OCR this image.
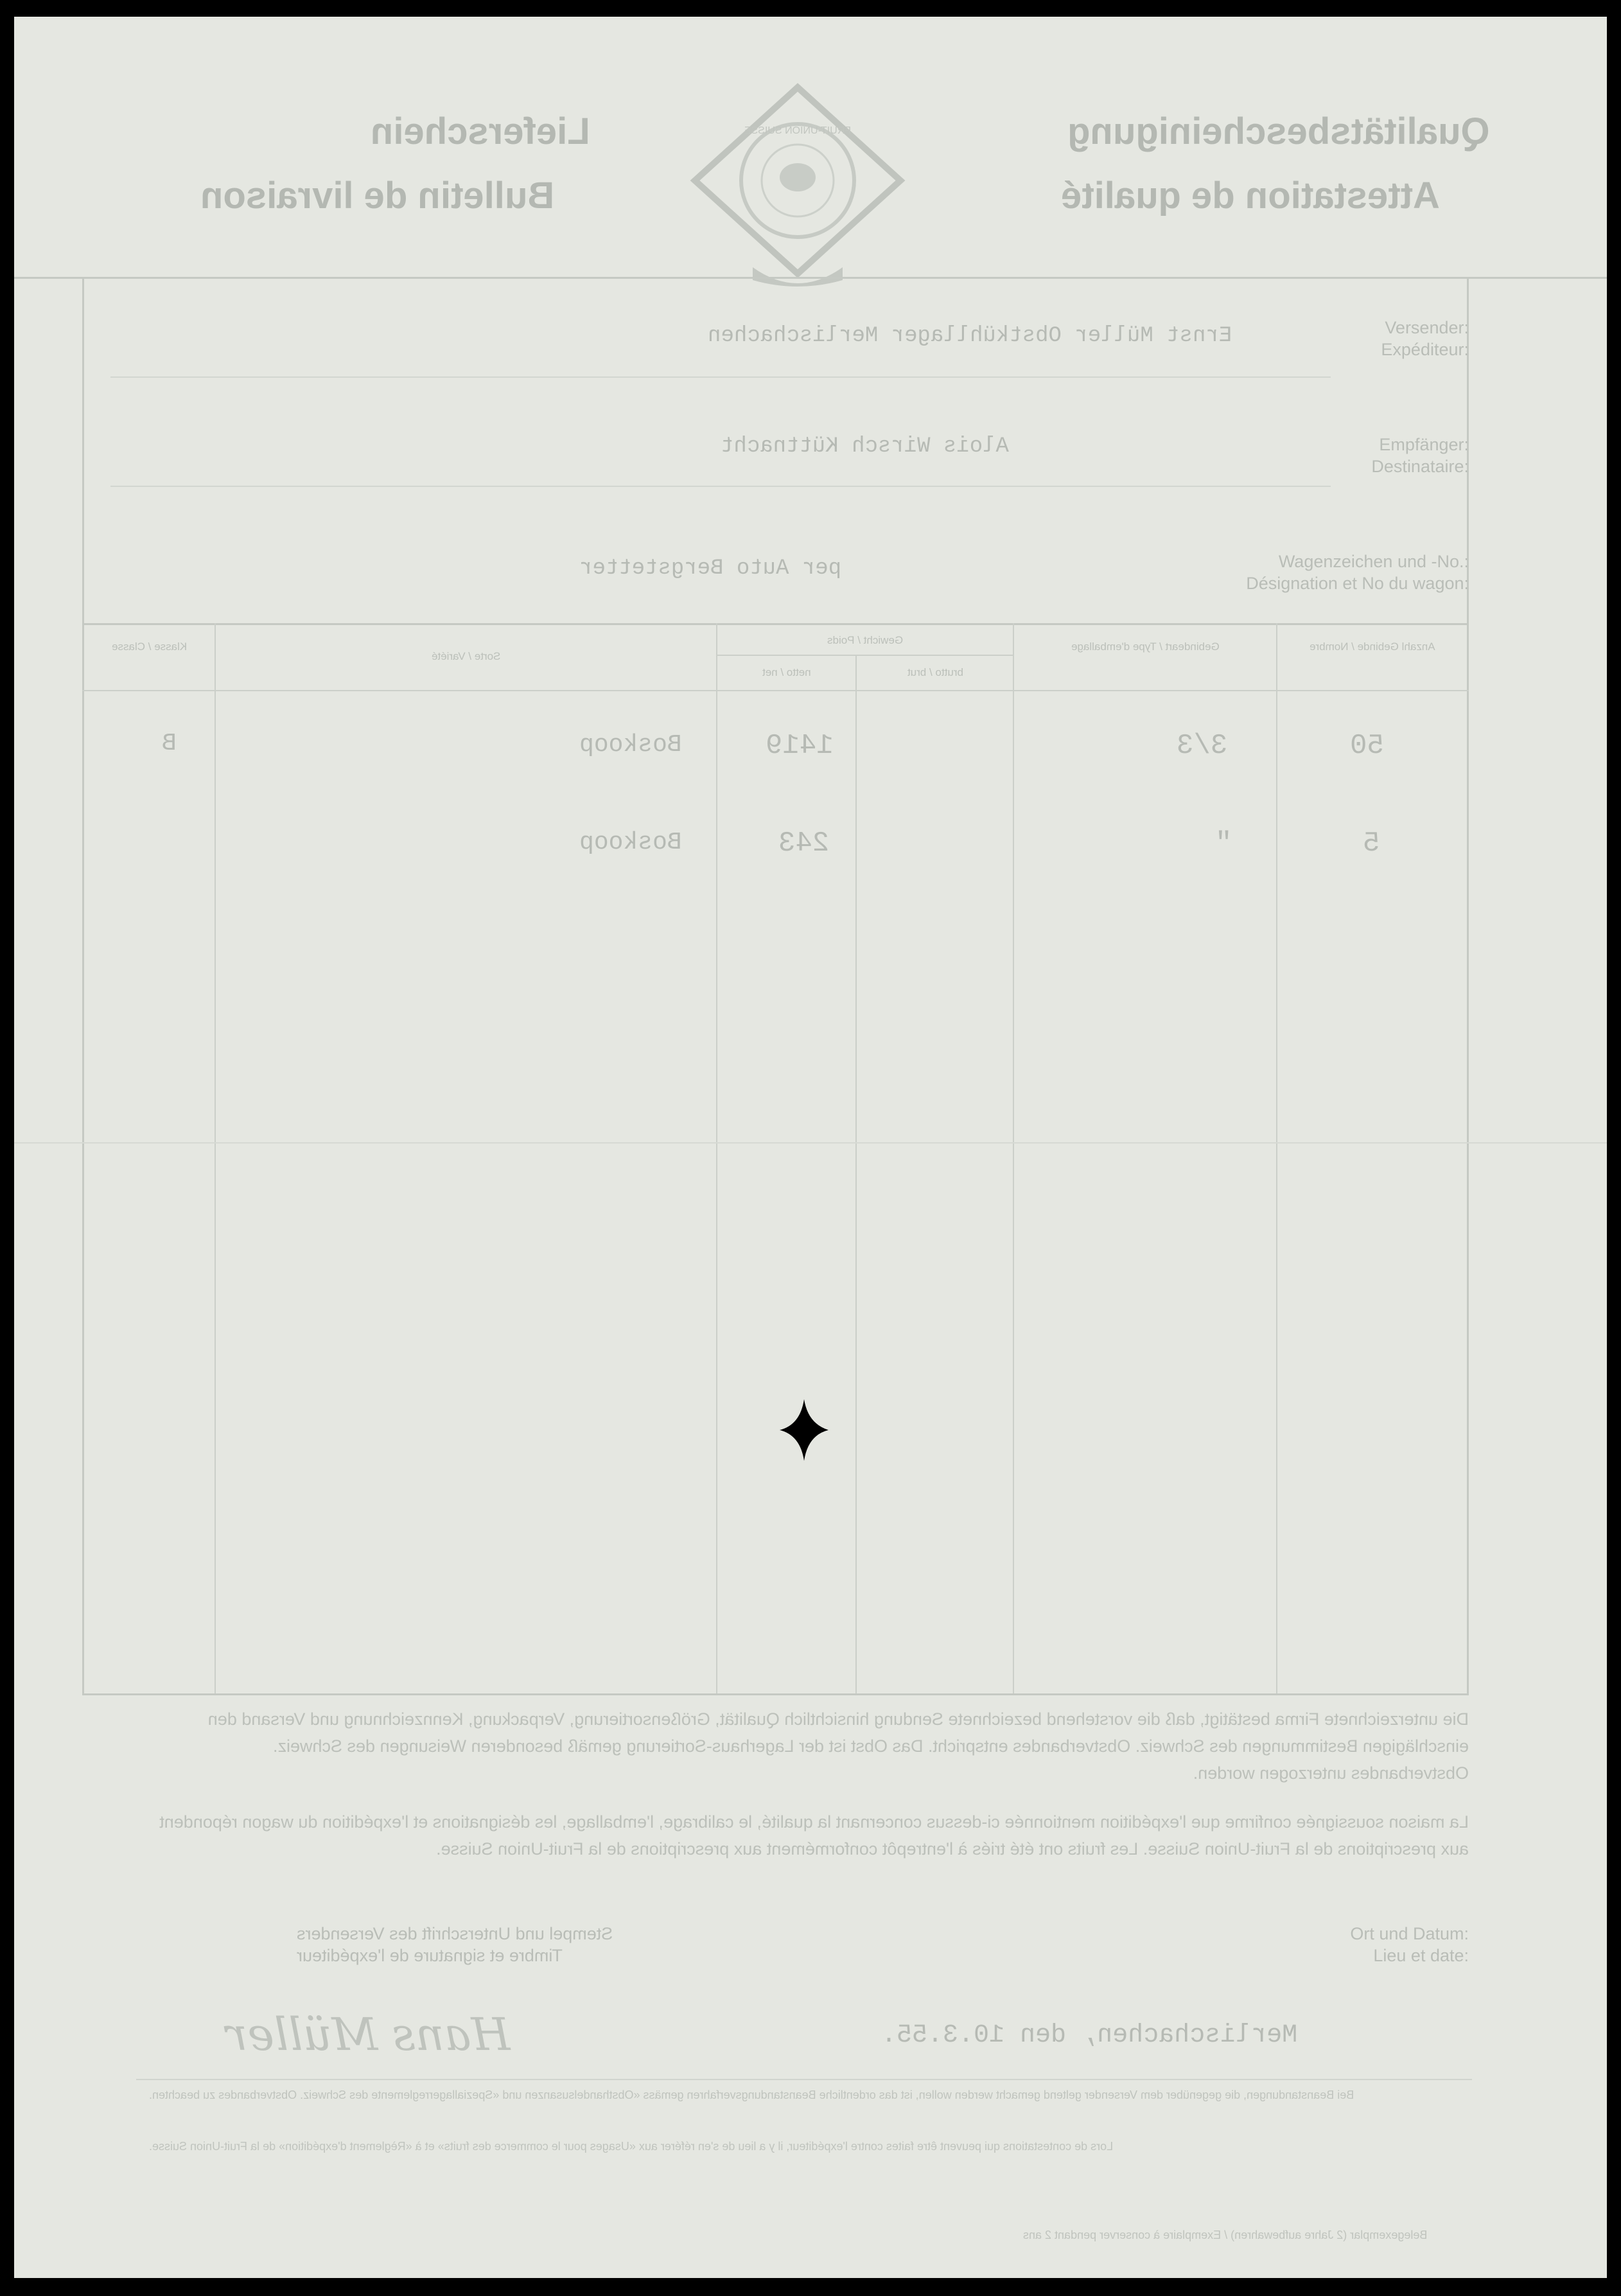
Qualitätsbescheinigung
Attestation de qualité
Lieferschein
Bulletin de livraison
FRUIT-UNION SUISSE
Versender:
Expéditeur:
Ernst Müller Obstkühllager Merlischachen
Empfänger:
Destinataire:
Alois Wirsch Küttnacht
Wagenzeichen und -No.:
Désignation et No du wagon:
per Auto Bergstetter
Anzahl Gebinde / Nombre
Gebindeart / Type d'emballage
Gewicht / Poids
brutto / brut
netto / net
Sorte / Variété
Klasse / Classe
50
3/3
1419
Boskoop
B
5
"
243
Boskoop
Die unterzeichnete Firma bestätigt, daß die vorstehend bezeichnete Sendung hinsichtlich Qualität, Größensortierung, Verpackung, Kennzeichnung und Versand den einschlägigen Bestimmungen des Schweiz. Obstverbandes entspricht. Das Obst ist der Lagerhaus-Sortierung gemäß besonderen Weisungen des Schweiz. Obstverbandes unterzogen worden.
La maison soussignée confirme que l'expédition mentionnée ci-dessus concernant la qualité, le calibrage, l'emballage, les désignations et l'expédition du wagon répondent aux prescriptions de la Fruit-Union Suisse. Les fruits ont été triés à l'entrepôt conformément aux prescriptions de la Fruit-Union Suisse.
Ort und Datum:
Lieu et date:
Stempel und Unterschrift des Versenders
Timbre et signature de l'expéditeur
Merlischachen, den 10.3.55.
Hans Müller
Bei Beanstandungen, die gegenüber dem Versender geltend gemacht werden wollen, ist das ordentliche Beanstandungsverfahren gemäss «Obsthandelsusanzen und «Speziallagerreglemente des Schweiz. Obstverbandes zu beachten.
Lors de contestations qui peuvent être faites contre l'expéditeur, il y a lieu de s'en référer aux «Usages pour le commerce des fruits» et à «Règlement d'expédition» de la Fruit-Union Suisse.
Belegexemplar (2 Jahre aufbewahren) / Exemplaire à conserver pendant 2 ans
